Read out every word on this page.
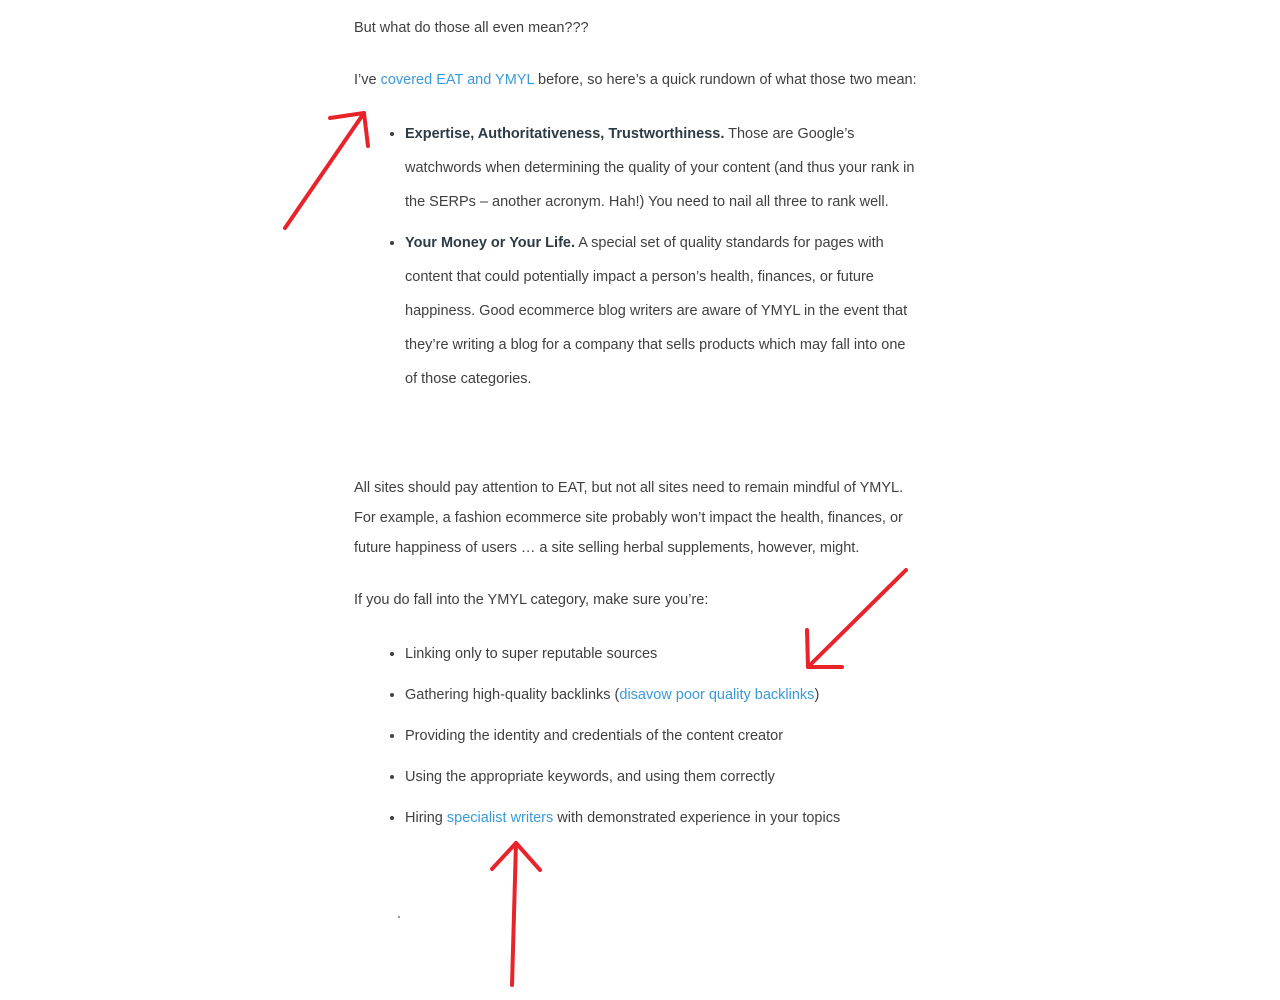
But what do those all even mean???

I’ve covered EAT and YMYL before, so here’s a quick rundown of what those two mean:

• Expertise, Authoritativeness, Trustworthiness. Those are Google’s watchwords when determining the quality of your content (and thus your rank in the SERPs – another acronym. Hah!) You need to nail all three to rank well.
• Your Money or Your Life. A special set of quality standards for pages with content that could potentially impact a person’s health, finances, or future happiness. Good ecommerce blog writers are aware of YMYL in the event that they’re writing a blog for a company that sells products which may fall into one of those categories.

All sites should pay attention to EAT, but not all sites need to remain mindful of YMYL.
For example, a fashion ecommerce site probably won’t impact the health, finances, or
future happiness of users … a site selling herbal supplements, however, might.

If you do fall into the YMYL category, make sure you’re:

• Linking only to super reputable sources
• Gathering high-quality backlinks (disavow poor quality backlinks)
• Providing the identity and credentials of the content creator
• Using the appropriate keywords, and using them correctly
• Hiring specialist writers with demonstrated experience in your topics
